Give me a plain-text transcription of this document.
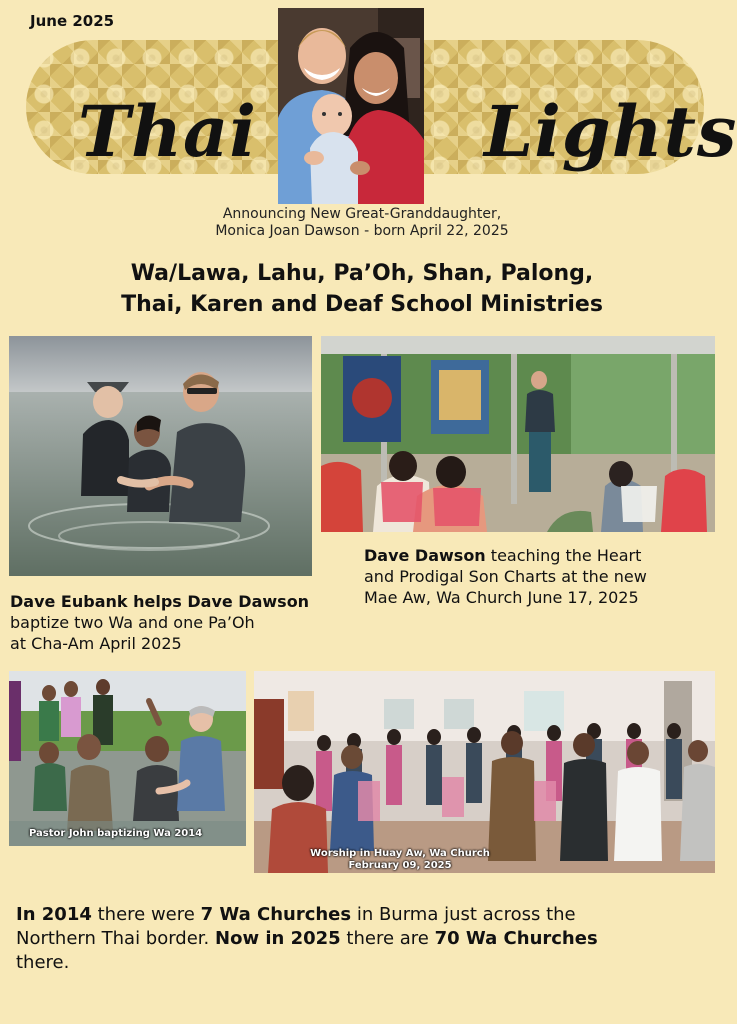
June 2025
Thai	Lights
Announcing New Great-Granddaughter,
Monica Joan Dawson - born April 22, 2025
Wa/Lawa, Lahu, Pa’Oh, Shan, Palong,
Thai, Karen and Deaf School Ministries
Dave Dawson teaching the Heart
and Prodigal Son Charts at the new
Mae Aw, Wa Church June 17, 2025
Dave Eubank helps Dave Dawson
baptize two Wa and one Pa’Oh
at Cha-Am April 2025
Pastor John baptizing Wa 2014
Worship in Huay Aw, Wa Church
February 09, 2025
In 2014 there were 7 Wa Churches in Burma just across the
Northern Thai border. Now in 2025 there are 70 Wa Churches
there.
